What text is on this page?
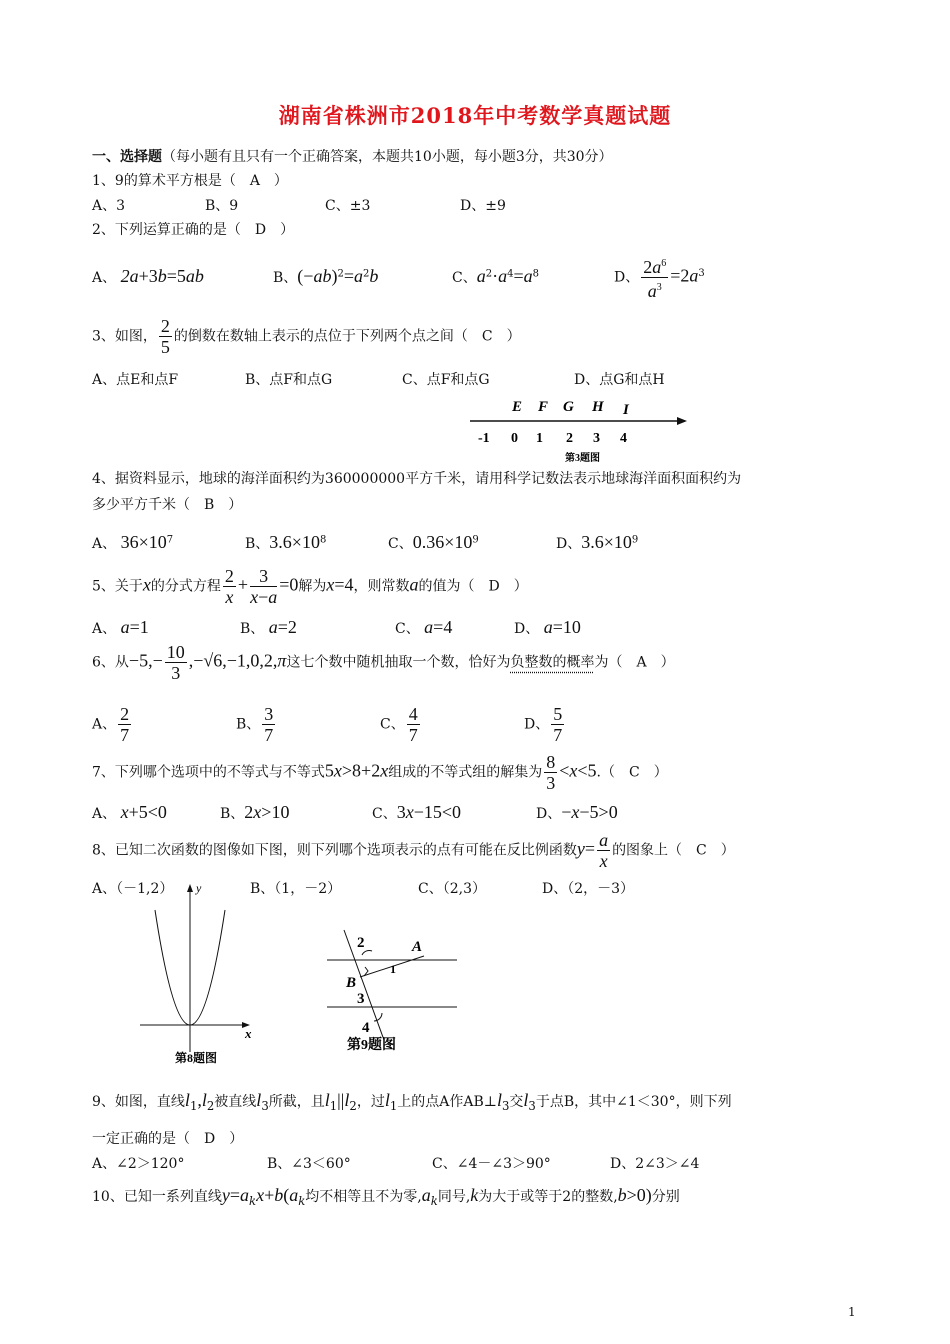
湖南省株洲市2018年中考数学真题试题
一、选择题（每小题有且只有一个正确答案，本题共10小题，每小题3分，共30分）
1、9的算术平方根是（　A　）
A、3	B、9	C、±3	D、±9
2、下列运算正确的是（　D　）
A、 2a+3b=5ab	B、$(-ab)^2=a^2b$	C、$a^2\cdot a^4=a^8$	D、 $\frac{2a^6}{a^3} =2a^3$
3、如图， $\frac{2}{5}$ 的倒数在数轴上表示的点位于下列两个点之间（　C　）
A、点E和点F	B、点F和点G	C、点F和点G	D、点G和点H
E F G H I
-1 0 1 2 3 4
第3题图
4、据资料显示，地球的海洋面积约为360000000平方千米，请用科学记数法表示地球海洋面积面积约为
多少平方千米（　B　）
A、 $36\times 10^7$	B、$3.6\times 10^8$	C、$0.36\times 10^9$	D、$3.6\times 10^9$
5、关于x的分式方程 $\frac{2}{x} + \frac{3}{x-a} =0$解为x=4，则常数a的值为（　D　）
A、 a=1	B、 a=2	C、 a=4	D、 a=10
6、从$-5,- \frac{10}{3} ,-√6,-1,0,2,\pi$这七个数中随机抽取一个数，恰好为负整数的概率为（　A　）
A、 $\frac{2}{7}$	B、 $\frac{3}{7}$	C、 $\frac{4}{7}$	D、 $\frac{5}{7}$
7、下列哪个选项中的不等式与不等式5x>8+2x组成的不等式组的解集为 $\frac{8}{3} <x<5$.（　C　）
A、 x+5<0	B、2x>10	C、3x−15<0	D、−x−5>0
8、已知二次函数的图像如下图，则下列哪个选项表示的点有可能在反比例函数$y= \frac{a}{x}$ 的图象上（　C　）
A、（－1,2）	B、（1，－2）	C、（2,3）	D、（2，－3）
y
x
第8题图
2	A
1
B
3
4
第9题图
9、如图，直线$l_1,l_2$被直线$l_3$所截，且$l_1||l_2$，过$l_1$上的点A作$AB\perp l_3$交$l_3$于点B，其中∠1＜30°，则下列
一定正确的是（　D　）
A、∠2＞120°	B、∠3＜60°	C、∠4－∠3＞90°	D、2∠3＞∠4
10、已知一系列直线$y=a_kx+b(a_k$均不相等且不为零$,a_k$同号,k为大于或等于2的整数,b>0)分别
1
